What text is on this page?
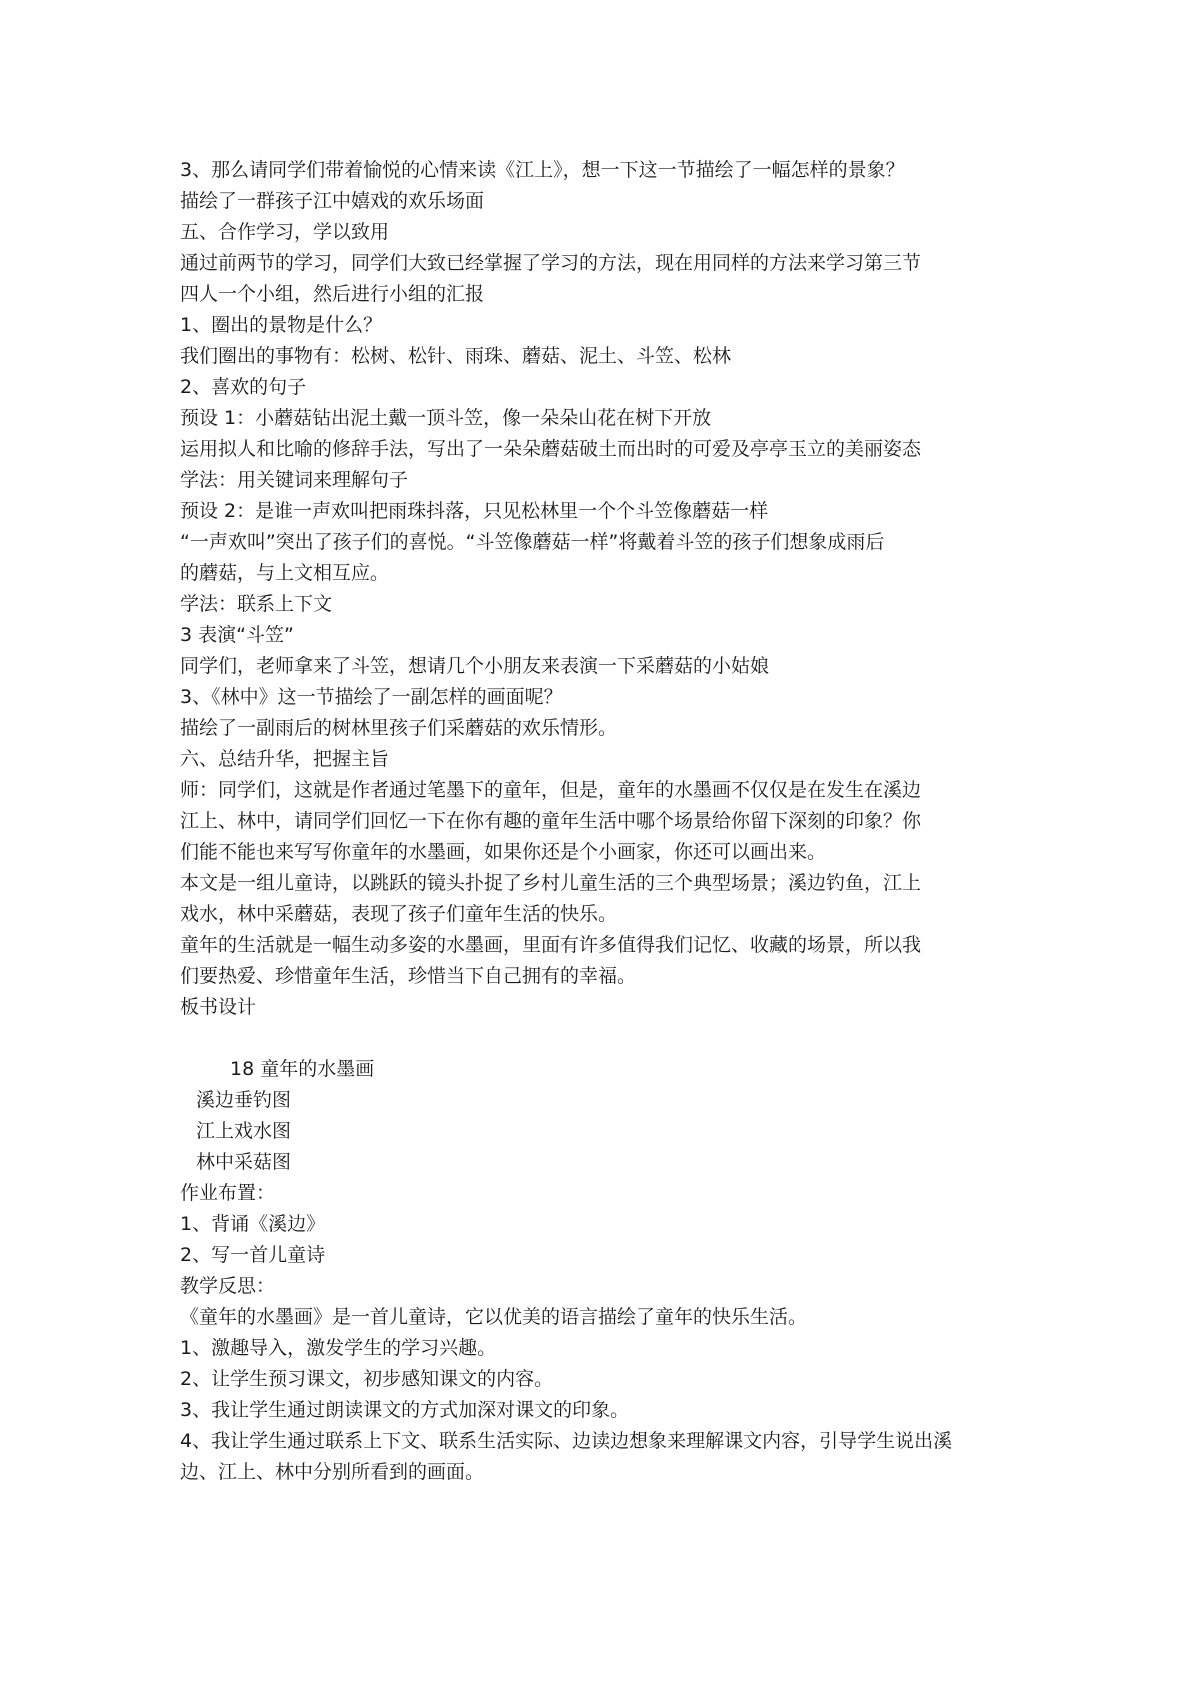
3、那么请同学们带着愉悦的心情来读《江上》，想一下这一节描绘了一幅怎样的景象？
描绘了一群孩子江中嬉戏的欢乐场面
五、合作学习，学以致用
通过前两节的学习，同学们大致已经掌握了学习的方法，现在用同样的方法来学习第三节
四人一个小组，然后进行小组的汇报
1、圈出的景物是什么？
我们圈出的事物有：松树、松针、雨珠、蘑菇、泥土、斗笠、松林
2、喜欢的句子
预设 1：小蘑菇钻出泥土戴一顶斗笠，像一朵朵山花在树下开放
运用拟人和比喻的修辞手法，写出了一朵朵蘑菇破土而出时的可爱及亭亭玉立的美丽姿态
学法：用关键词来理解句子
预设 2：是谁一声欢叫把雨珠抖落，只见松林里一个个斗笠像蘑菇一样
“一声欢叫”突出了孩子们的喜悦。“斗笠像蘑菇一样”将戴着斗笠的孩子们想象成雨后
的蘑菇，与上文相互应。
学法：联系上下文
3 表演“斗笠”
同学们，老师拿来了斗笠，想请几个小朋友来表演一下采蘑菇的小姑娘
3、《林中》这一节描绘了一副怎样的画面呢？
描绘了一副雨后的树林里孩子们采蘑菇的欢乐情形。
六、总结升华，把握主旨
师：同学们，这就是作者通过笔墨下的童年，但是，童年的水墨画不仅仅是在发生在溪边
江上、林中，请同学们回忆一下在你有趣的童年生活中哪个场景给你留下深刻的印象？你
们能不能也来写写你童年的水墨画，如果你还是个小画家，你还可以画出来。
本文是一组儿童诗，以跳跃的镜头扑捉了乡村儿童生活的三个典型场景；溪边钓鱼，江上
戏水，林中采蘑菇，表现了孩子们童年生活的快乐。
童年的生活就是一幅生动多姿的水墨画，里面有许多值得我们记忆、收藏的场景，所以我
们要热爱、珍惜童年生活，珍惜当下自己拥有的幸福。
板书设计
18 童年的水墨画
溪边垂钓图
江上戏水图
林中采菇图
作业布置：
1、背诵《溪边》
2、写一首儿童诗
教学反思：
《童年的水墨画》是一首儿童诗，它以优美的语言描绘了童年的快乐生活。
1、激趣导入，激发学生的学习兴趣。
2、让学生预习课文，初步感知课文的内容。
3、我让学生通过朗读课文的方式加深对课文的印象。
4、我让学生通过联系上下文、联系生活实际、边读边想象来理解课文内容，引导学生说出溪
边、江上、林中分别所看到的画面。
